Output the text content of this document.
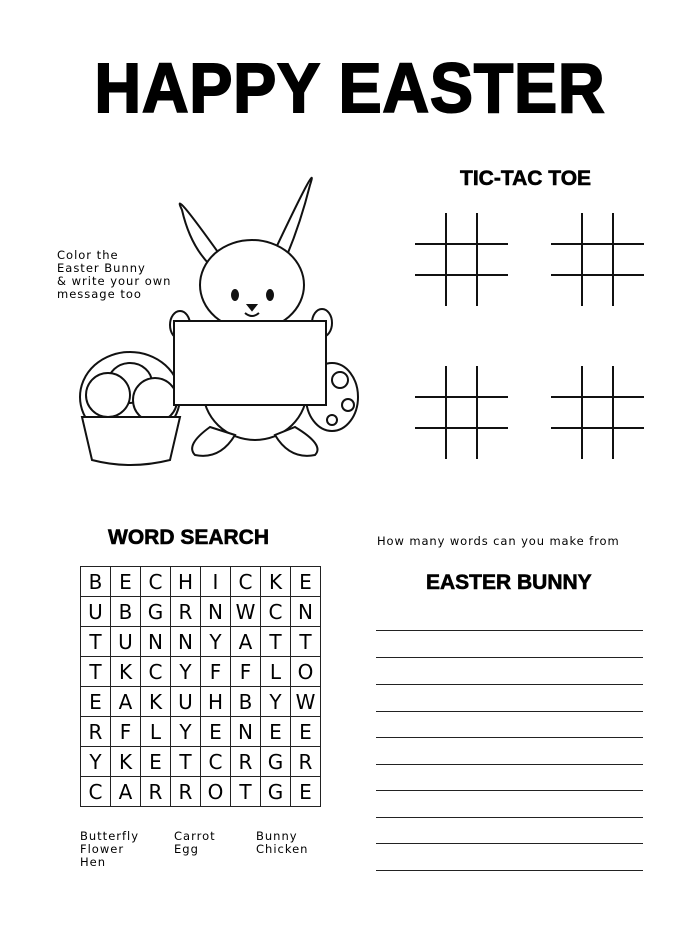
HAPPY EASTER
Color the
Easter Bunny
& write your own
message too
TIC-TAC TOE
WORD SEARCH
B	E	C	H	I	C	K	E
U	B	G	R	N	W	C	N
T	U	N	N	Y	A	T	T
T	K	C	Y	F	F	L	O
E	A	K	U	H	B	Y	W
R	F	L	Y	E	N	E	E
Y	K	E	T	C	R	G	R
C	A	R	R	O	T	G	E
Butterfly
Flower
Hen
Carrot
Egg
Bunny
Chicken
How many words can you make from
EASTER BUNNY
